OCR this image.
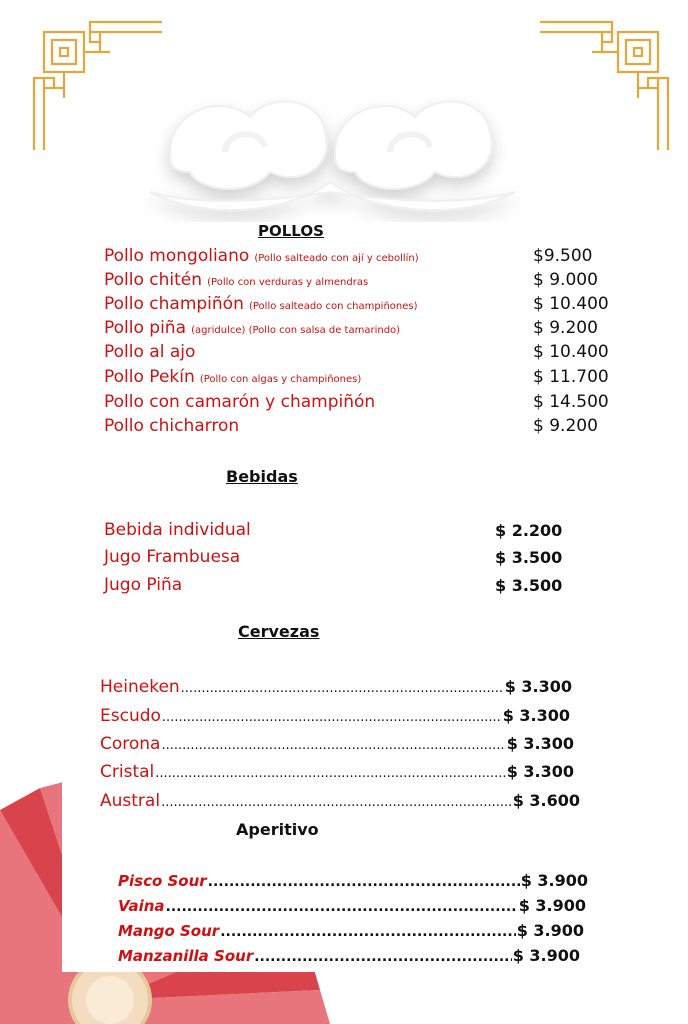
POLLOS
Pollo mongoliano (Pollo salteado con ají y cebollín)	$9.500
Pollo chitén (Pollo con verduras y almendras	$ 9.000
Pollo champiñón (Pollo salteado con champiñones)	$ 10.400
Pollo piña (agridulce) (Pollo con salsa de tamarindo)	$ 9.200
Pollo al ajo	$ 10.400
Pollo Pekín (Pollo con algas y champiñones)	$ 11.700
Pollo con camarón y champiñón	$ 14.500
Pollo chicharron	$ 9.200
Bebidas
Bebida individual	$ 2.200
Jugo Frambuesa	$ 3.500
Jugo Piña	$ 3.500
Cervezas
Heineken .....	$ 3.300
Escudo .....	$ 3.300
Corona .....	$ 3.300
Cristal .....	$ 3.300
Austral .....	$ 3.600
Aperitivo
Pisco Sour .....	$ 3.900
Vaina .....	$ 3.900
Mango Sour .....	$ 3.900
Manzanilla Sour .....	$ 3.900
